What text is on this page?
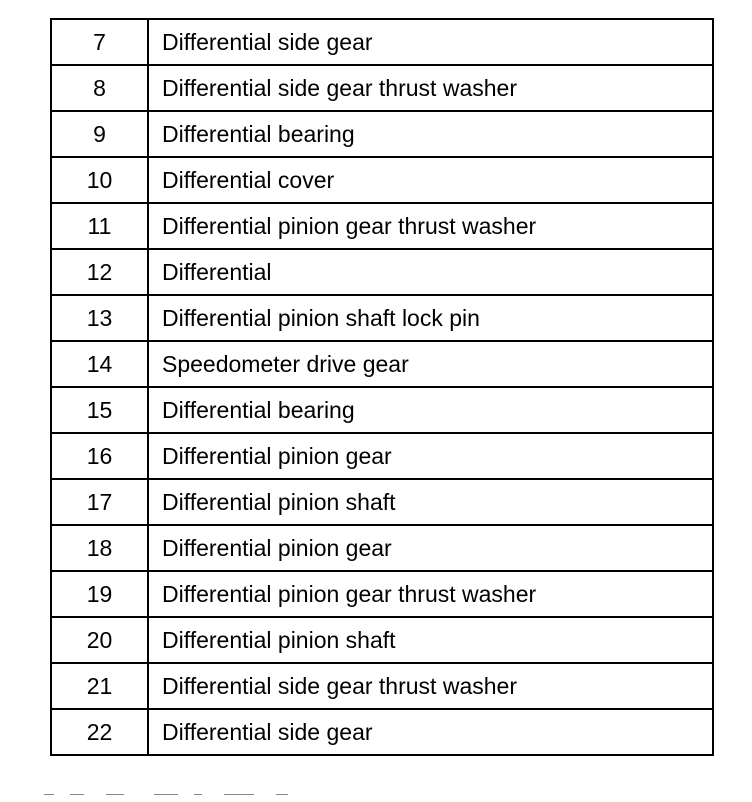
7	Differential side gear
8	Differential side gear thrust washer
9	Differential bearing
10	Differential cover
11	Differential pinion gear thrust washer
12	Differential
13	Differential pinion shaft lock pin
14	Speedometer drive gear
15	Differential bearing
16	Differential pinion gear
17	Differential pinion shaft
18	Differential pinion gear
19	Differential pinion gear thrust washer
20	Differential pinion shaft
21	Differential side gear thrust washer
22	Differential side gear
